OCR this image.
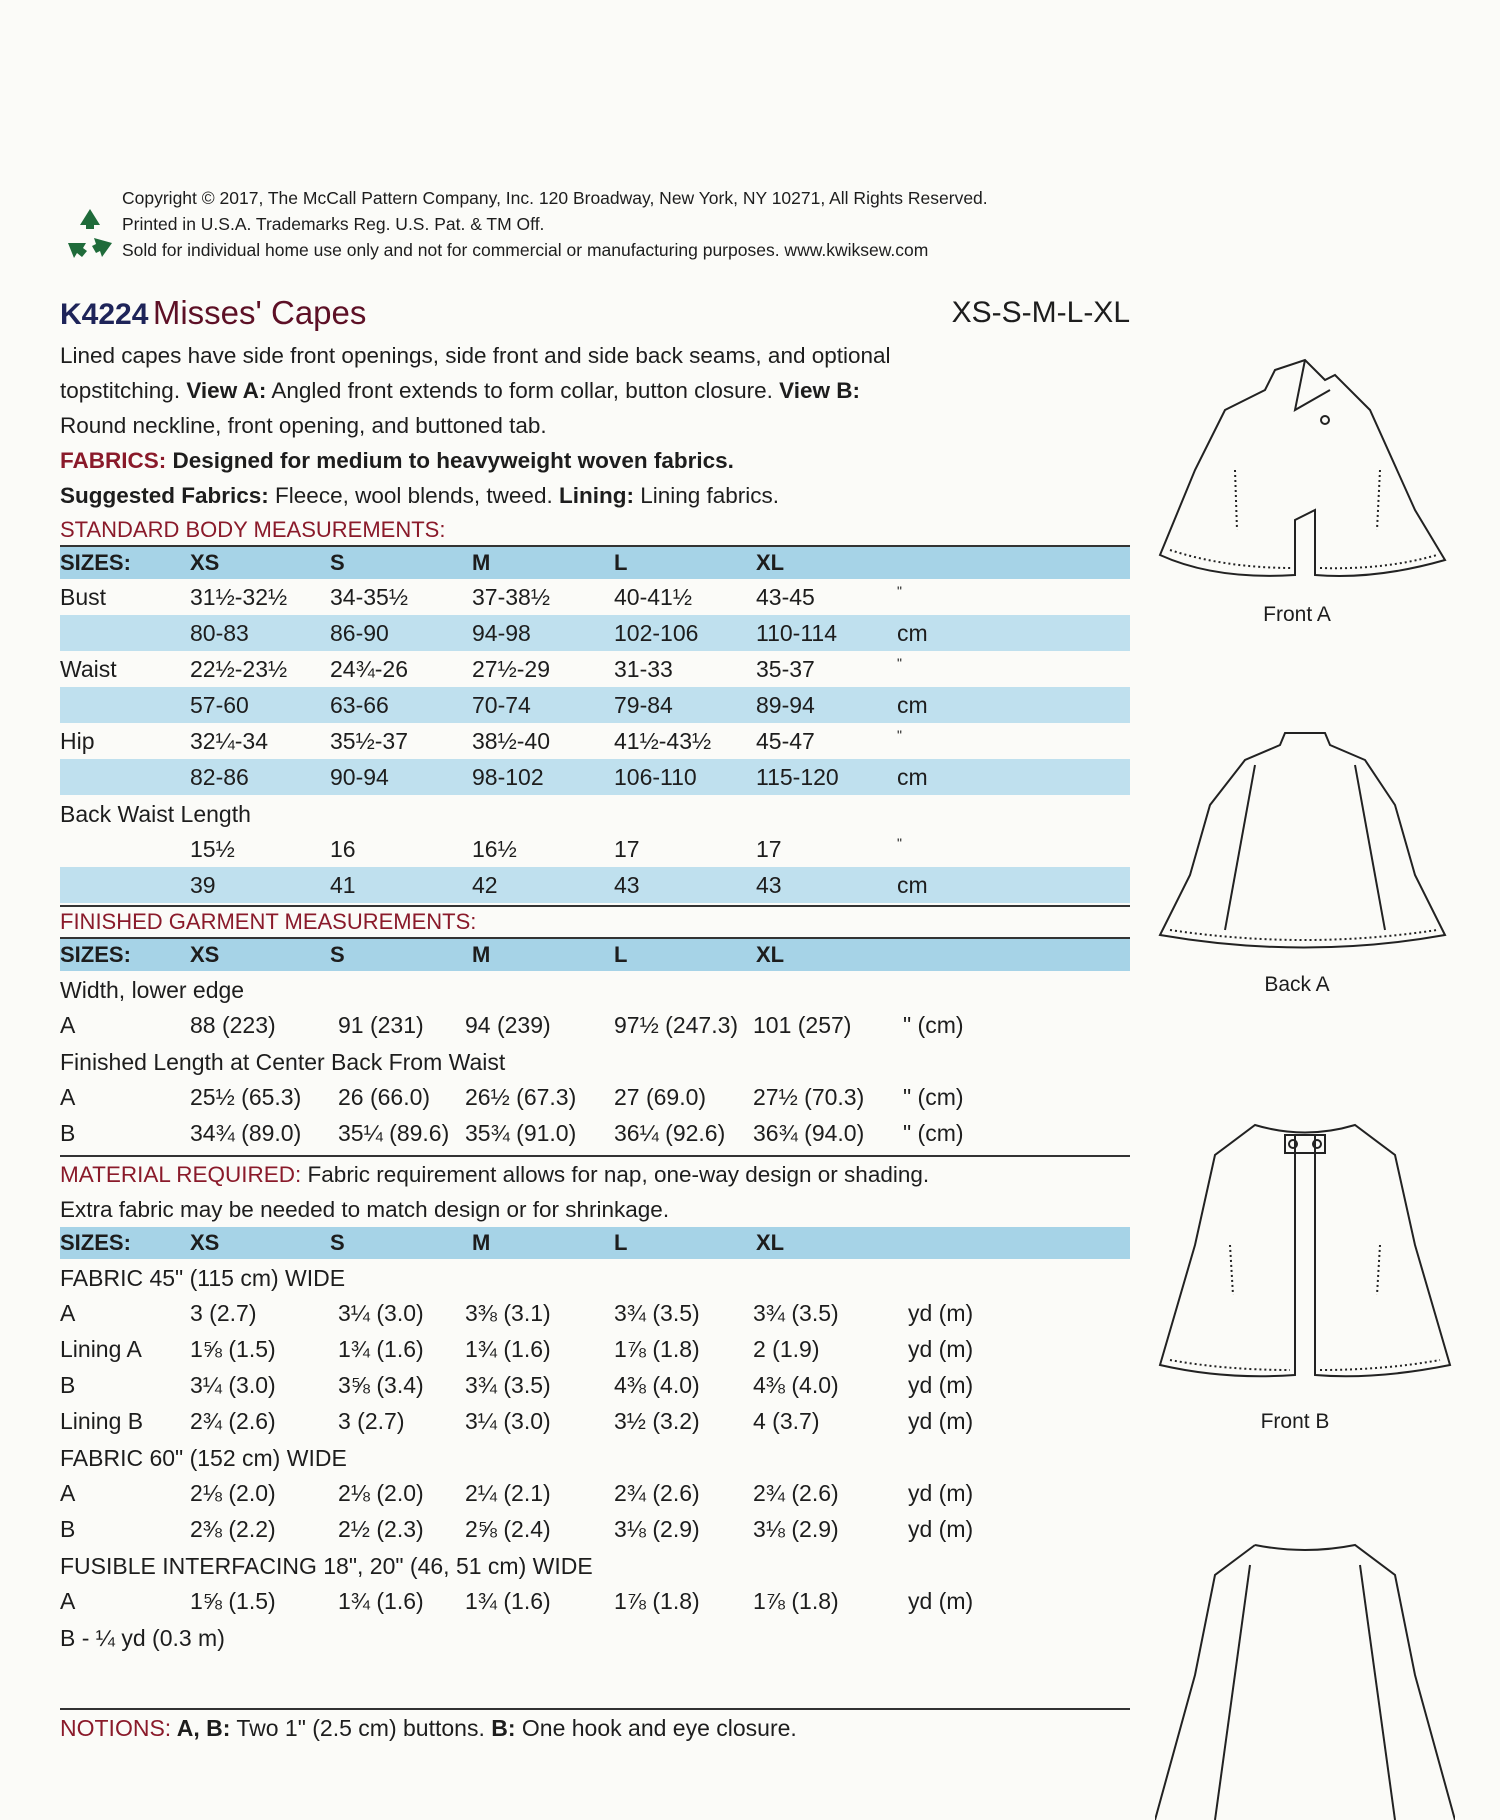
Copyright © 2017, The McCall Pattern Company, Inc. 120 Broadway, New York, NY 10271, All Rights Reserved.
Printed in U.S.A. Trademarks Reg. U.S. Pat. & TM Off.
Sold for individual home use only and not for commercial or manufacturing purposes. www.kwiksew.com
K4224 Misses' Capes	XS-S-M-L-XL

Lined capes have side front openings, side front and side back seams, and optional

topstitching. View A: Angled front extends to form collar, button closure. View B:

Round neckline, front opening, and buttoned tab.

FABRICS: Designed for medium to heavyweight woven fabrics.

Suggested Fabrics: Fleece, wool blends, tweed. Lining: Lining fabrics.

STANDARD BODY MEASUREMENTS:
SIZES:	XS	S	M	L	XL
Bust	31½-32½ 34-35½	37-38½	40-41½	43-45	"
80-83	86-90	94-98	102-106	110-114	cm
Waist	22½-23½ 24¾-26	27½-29	31-33	35-37	"
57-60	63-66	70-74	79-84	89-94	cm
Hip	32¼-34	35½-37	38½-40	41½-43½ 45-47	"
82-86	90-94	98-102	106-110	115-120	cm
Back Waist Length
15½	16	16½	17	17	"
39	41	42	43	43	cm
FINISHED GARMENT MEASUREMENTS:
SIZES:	XS	S	M	L	XL
Width, lower edge
A	88 (223)	91 (231) 94 (239)	97½ (247.3) 101 (257) " (cm)
Finished Length at Center Back From Waist
A	25½ (65.3) 26 (66.0) 26½ (67.3) 27 (69.0) 27½ (70.3) " (cm)
B	34¾ (89.0) 35¼ (89.6) 35¾ (91.0) 36¼ (92.6) 36¾ (94.0) " (cm)

MATERIAL REQUIRED: Fabric requirement allows for nap, one-way design or shading.

Extra fabric may be needed to match design or for shrinkage.

SIZES:	XS	S	M	L	XL
FABRIC 45" (115 cm) WIDE
A	3 (2.7)	3¼ (3.0) 3⅜ (3.1)	3¾ (3.5) 3¾ (3.5)	yd (m)
Lining A 1⅝ (1.5)	1¾ (1.6) 1¾ (1.6)	1⅞ (1.8) 2 (1.9)	yd (m)
B	3¼ (3.0)	3⅝ (3.4) 3¾ (3.5)	4⅜ (4.0) 4⅜ (4.0)	yd (m)
Lining B 2¾ (2.6)	3 (2.7)	3¼ (3.0)	3½ (3.2) 4 (3.7)	yd (m)
FABRIC 60" (152 cm) WIDE
A	2⅛ (2.0)	2⅛ (2.0) 2¼ (2.1)	2¾ (2.6) 2¾ (2.6)	yd (m)
B	2⅜ (2.2)	2½ (2.3) 2⅝ (2.4)	3⅛ (2.9) 3⅛ (2.9)	yd (m)
FUSIBLE INTERFACING 18", 20" (46, 51 cm) WIDE
A	1⅝ (1.5)	1¾ (1.6) 1¾ (1.6)	1⅞ (1.8) 1⅞ (1.8)	yd (m)
B - ¼ yd (0.3 m)
NOTIONS: A, B: Two 1" (2.5 cm) buttons. B: One hook and eye closure.
Front A
Back A
Front B
